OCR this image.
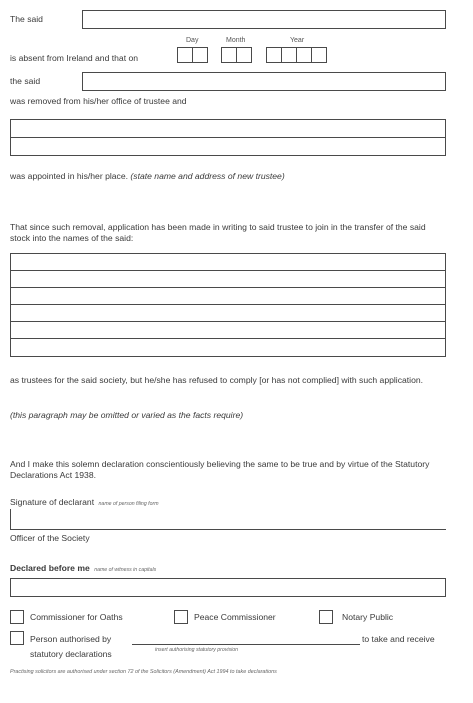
The said
Day	Month	Year
is absent from Ireland and that on
the said
was removed from his/her office of trustee and
was appointed in his/her place. (state name and address of new trustee)
That since such removal, application has been made in writing to said trustee to join in the transfer of the said stock into the names of the said:
as trustees for the said society, but he/she has refused to comply [or has not complied] with such application.
(this paragraph may be omitted or varied as the facts require)
And I make this solemn declaration conscientiously believing the same to be true and by virtue of the Statutory Declarations Act 1938.
Signature of declarant name of person filing form
Officer of the Society
Declared before me name of witness in capitals
Commissioner for Oaths	Peace Commissioner	Notary Public
Person authorised by
statutory declarations	insert authorising statutory provision
to take and receive
Practising solicitors are authorised under section 72 of the Solicitors (Amendment) Act 1994 to take declarations
